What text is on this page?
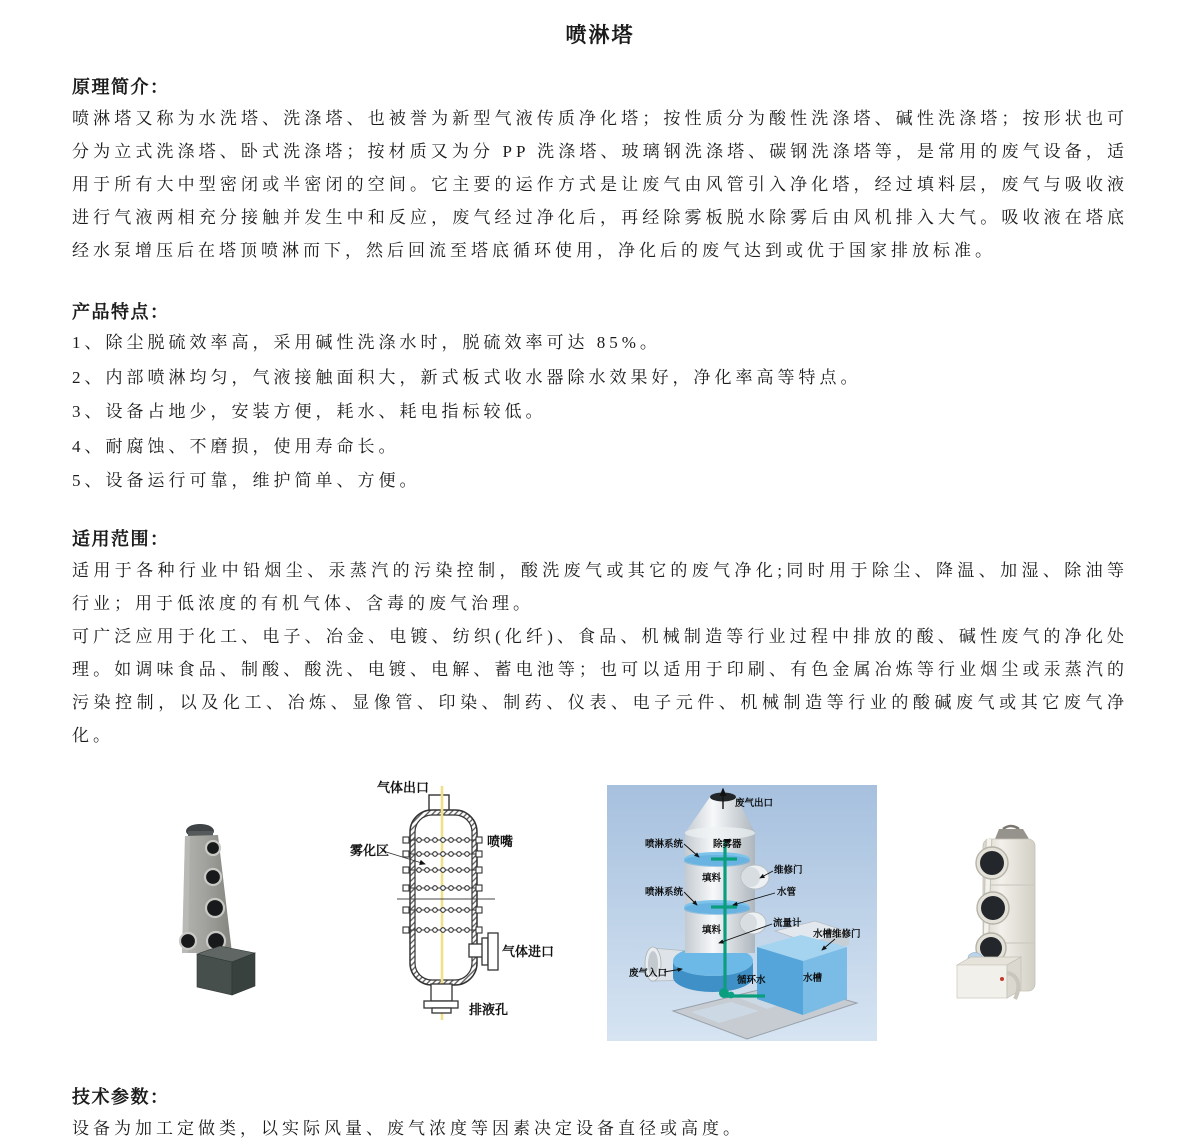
喷淋塔
原理简介：

喷淋塔又称为水洗塔、洗涤塔、也被誉为新型气液传质净化塔；按性质分为酸性洗涤塔、碱性洗涤塔；按形状也可分为立式洗涤塔、卧式洗涤塔；按材质又为分 PP 洗涤塔、玻璃钢洗涤塔、碳钢洗涤塔等，是常用的废气设备，适用于所有大中型密闭或半密闭的空间。它主要的运作方式是让废气由风管引入净化塔，经过填料层，废气与吸收液进行气液两相充分接触并发生中和反应，废气经过净化后，再经除雾板脱水除雾后由风机排入大气。吸收液在塔底经水泵增压后在塔顶喷淋而下，然后回流至塔底循环使用，净化后的废气达到或优于国家排放标准。

产品特点：

1、除尘脱硫效率高，采用碱性洗涤水时，脱硫效率可达 85%。

2、内部喷淋均匀，气液接触面积大，新式板式收水器除水效果好，净化率高等特点。

3、设备占地少，安装方便，耗水、耗电指标较低。

4、耐腐蚀、不磨损，使用寿命长。

5、设备运行可靠，维护简单、方便。

适用范围：

适用于各种行业中铅烟尘、汞蒸汽的污染控制，酸洗废气或其它的废气净化;同时用于除尘、降温、加湿、除油等行业；用于低浓度的有机气体、含毒的废气治理。

可广泛应用于化工、电子、冶金、电镀、纺织(化纤)、食品、机械制造等行业过程中排放的酸、碱性废气的净化处理。如调味食品、制酸、酸洗、电镀、电解、蓄电池等；也可以适用于印刷、有色金属冶炼等行业烟尘或汞蒸汽的污染控制，以及化工、冶炼、显像管、印染、制药、仪表、电子元件、机械制造等行业的酸碱废气或其它废气净化。

气体出口
雾化区
喷嘴
气体进口
排液孔
废气出口
喷淋系统	除雾器
维修门
填料
喷淋系统	水管
填料
流量计
水槽维修门
废气入口
循环水	水槽
技术参数：

设备为加工定做类，以实际风量、废气浓度等因素决定设备直径或高度。
